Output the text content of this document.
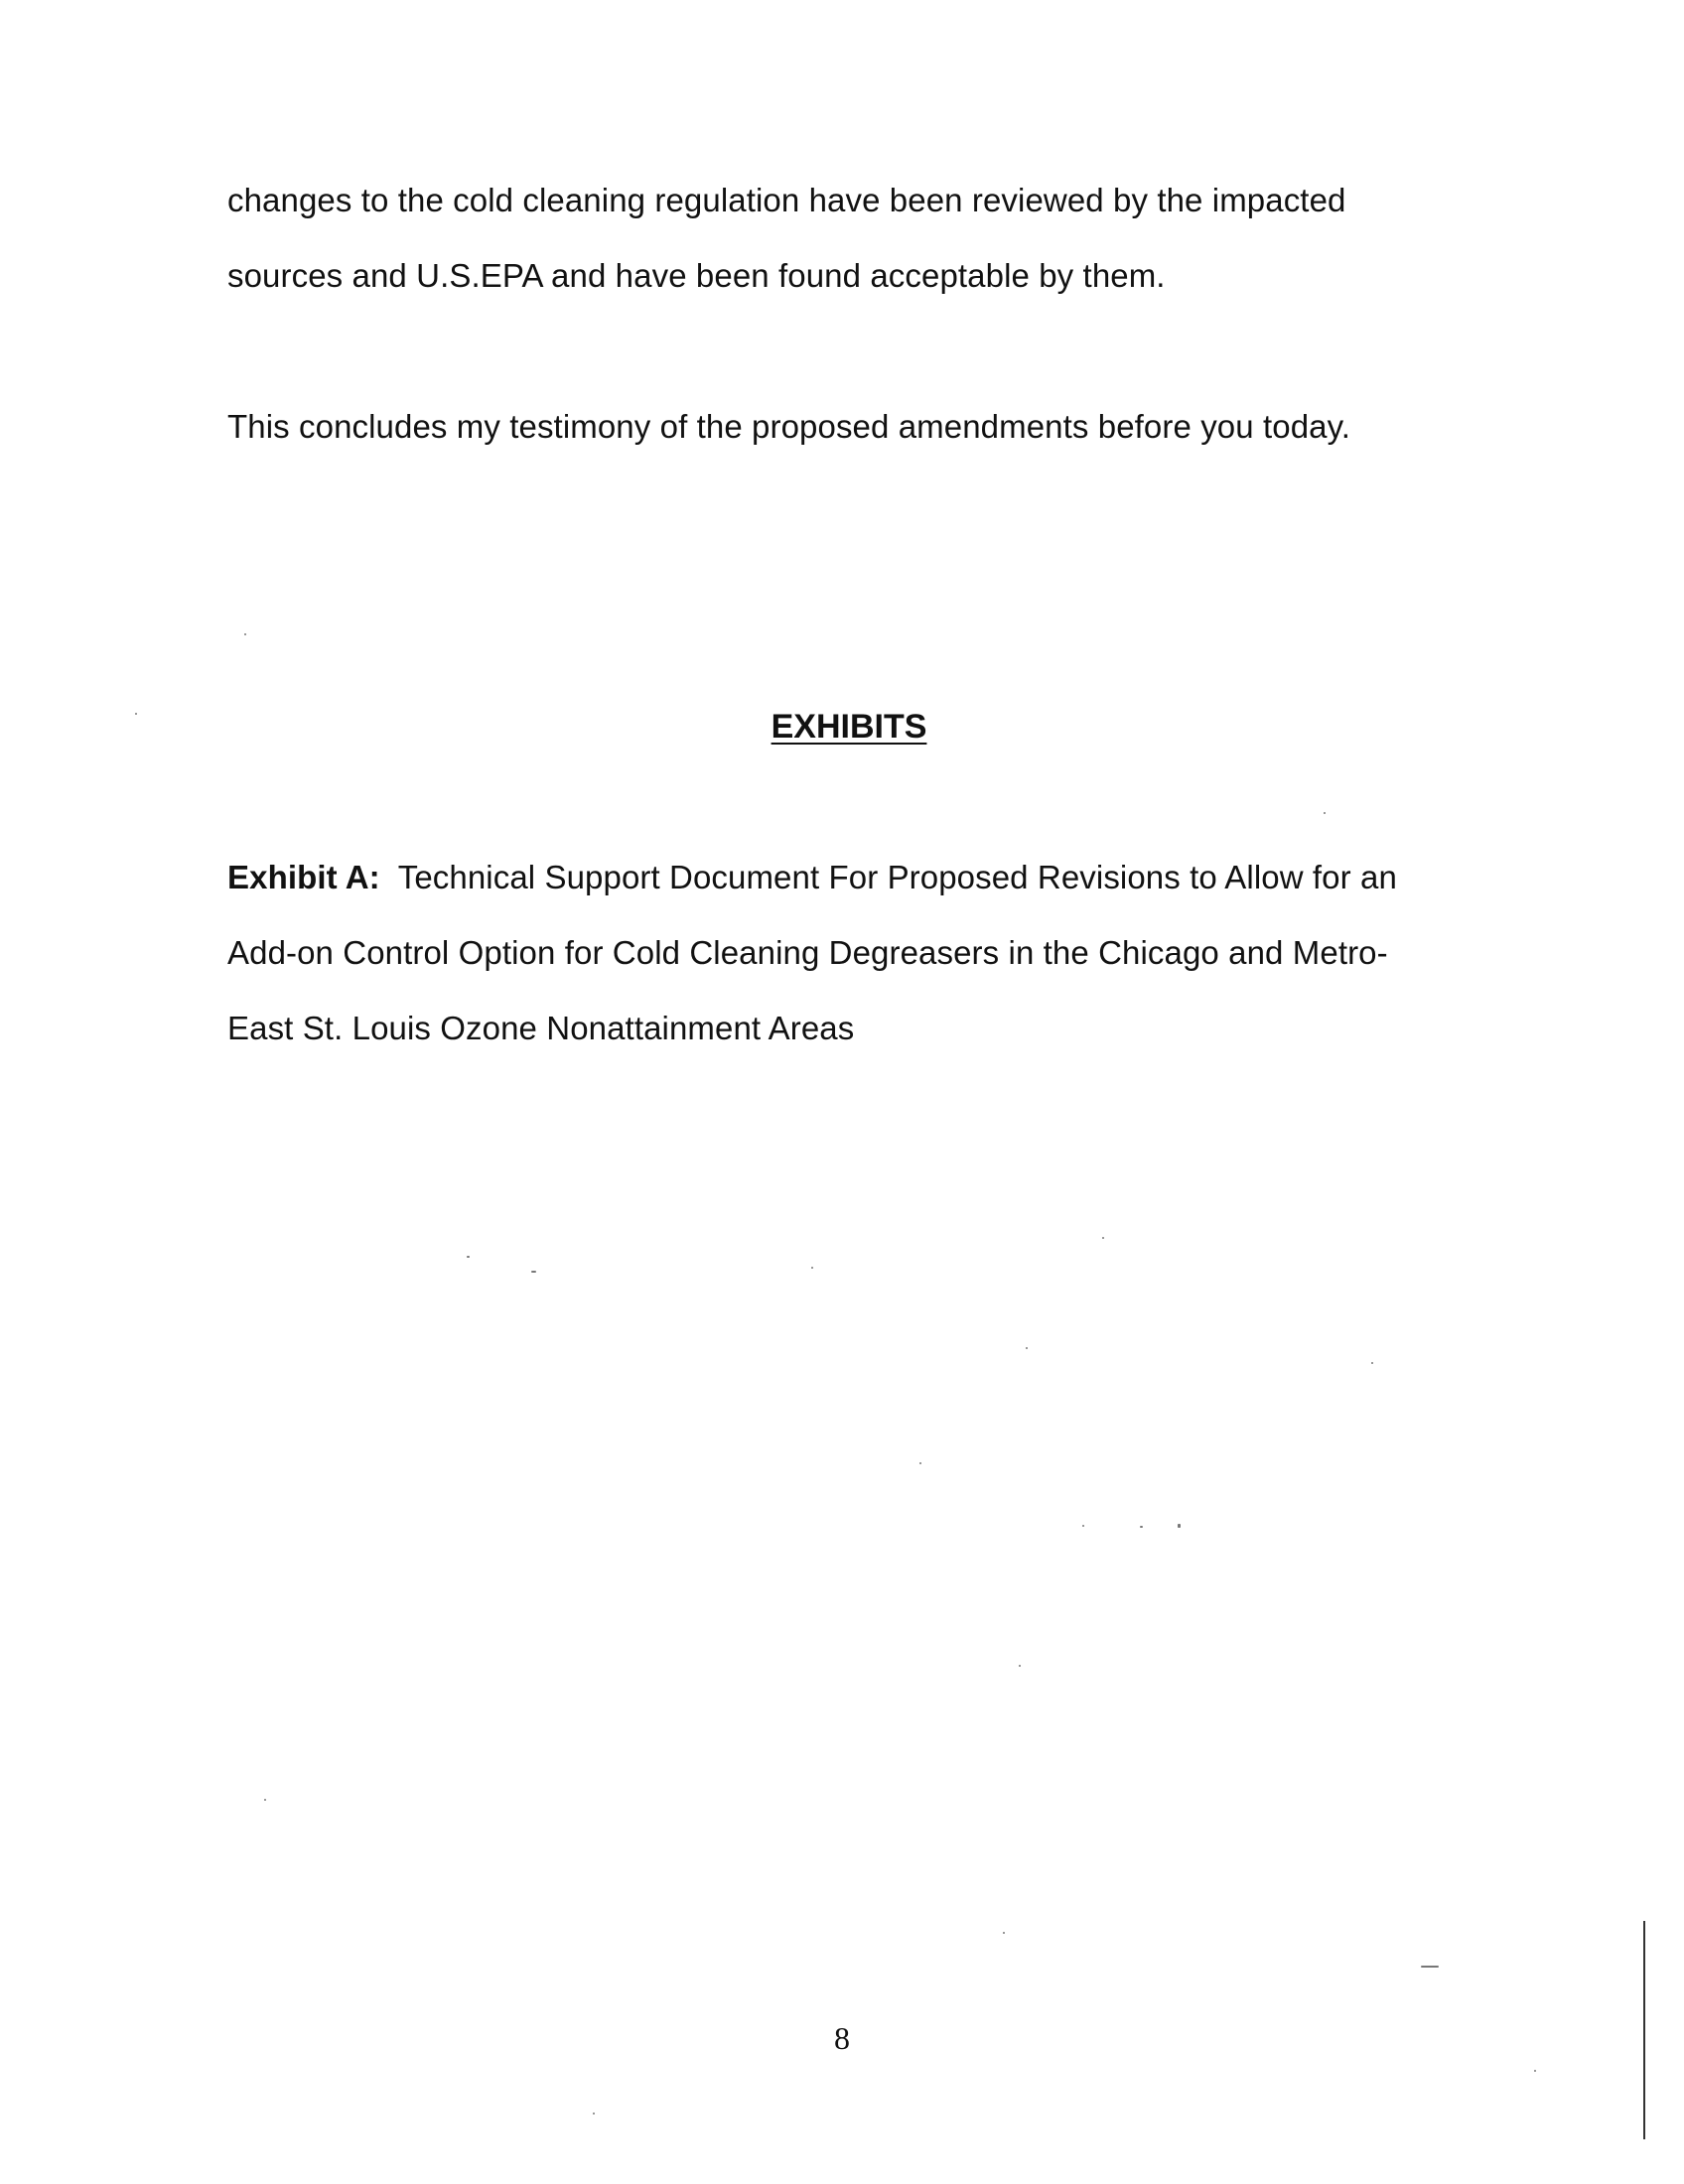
changes to the cold cleaning regulation have been reviewed by the impacted
sources and U.S.EPA and have been found acceptable by them.
This concludes my testimony of the proposed amendments before you today.
EXHIBITS
Exhibit A: Technical Support Document For Proposed Revisions to Allow for an
Add-on Control Option for Cold Cleaning Degreasers in the Chicago and Metro-
East St. Louis Ozone Nonattainment Areas
8
